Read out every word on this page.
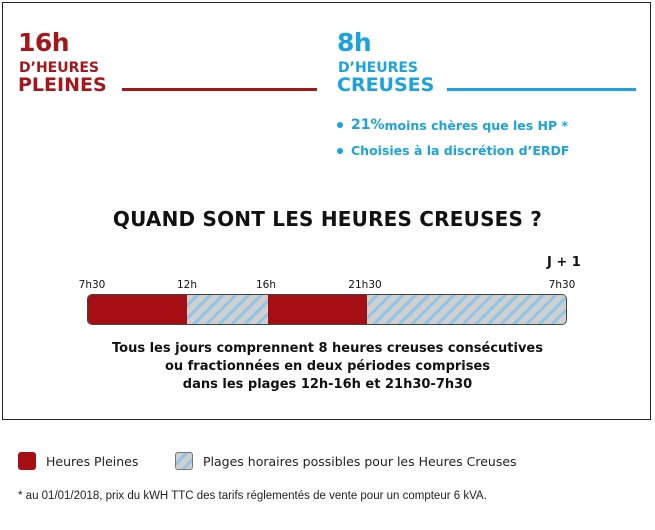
16h
D’HEURES
PLEINES
8h
D’HEURES
CREUSES
21% moins chères que les HP *
Choisies à la discrétion d’ERDF
QUAND SONT LES HEURES CREUSES ?
J + 1
7h30	12h	16h	21h30	7h30
Tous les jours comprennent 8 heures creuses consécutives
ou fractionnées en deux périodes comprises
dans les plages 12h-16h et 21h30-7h30
Heures Pleines	Plages horaires possibles pour les Heures Creuses
* au 01/01/2018, prix du kWH TTC des tarifs réglementés de vente pour un compteur 6 kVA.
